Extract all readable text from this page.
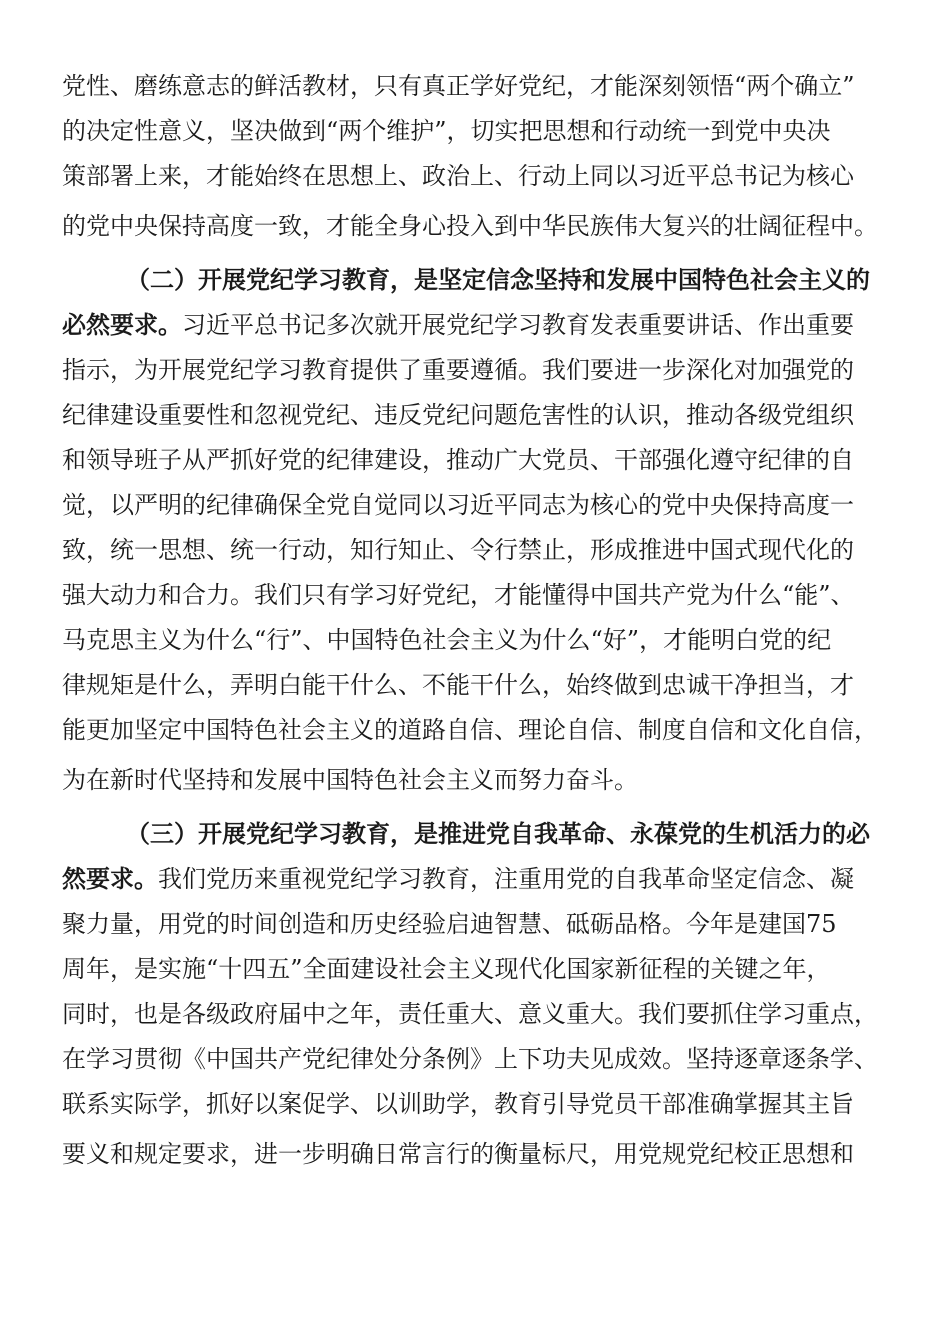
党性、磨练意志的鲜活教材，只有真正学好党纪，才能深刻领悟“两个确立”
的决定性意义，坚决做到“两个维护”，切实把思想和行动统一到党中央决
策部署上来，才能始终在思想上、政治上、行动上同以习近平总书记为核心
的党中央保持高度一致，才能全身心投入到中华民族伟大复兴的壮阔征程中。
（二）开展党纪学习教育，是坚定信念坚持和发展中国特色社会主义的
必然要求。习近平总书记多次就开展党纪学习教育发表重要讲话、作出重要
指示，为开展党纪学习教育提供了重要遵循。我们要进一步深化对加强党的
纪律建设重要性和忽视党纪、违反党纪问题危害性的认识，推动各级党组织
和领导班子从严抓好党的纪律建设，推动广大党员、干部强化遵守纪律的自
觉，以严明的纪律确保全党自觉同以习近平同志为核心的党中央保持高度一
致，统一思想、统一行动，知行知止、令行禁止，形成推进中国式现代化的
强大动力和合力。我们只有学习好党纪，才能懂得中国共产党为什么“能”、
马克思主义为什么“行”、中国特色社会主义为什么“好”，才能明白党的纪
律规矩是什么，弄明白能干什么、不能干什么，始终做到忠诚干净担当，才
能更加坚定中国特色社会主义的道路自信、理论自信、制度自信和文化自信，
为在新时代坚持和发展中国特色社会主义而努力奋斗。
（三）开展党纪学习教育，是推进党自我革命、永葆党的生机活力的必
然要求。我们党历来重视党纪学习教育，注重用党的自我革命坚定信念、凝
聚力量，用党的时间创造和历史经验启迪智慧、砥砺品格。今年是建国75
周年，是实施“十四五”全面建设社会主义现代化国家新征程的关键之年，
同时，也是各级政府届中之年，责任重大、意义重大。我们要抓住学习重点，
在学习贯彻《中国共产党纪律处分条例》上下功夫见成效。坚持逐章逐条学、
联系实际学，抓好以案促学、以训助学，教育引导党员干部准确掌握其主旨
要义和规定要求，进一步明确日常言行的衡量标尺，用党规党纪校正思想和
